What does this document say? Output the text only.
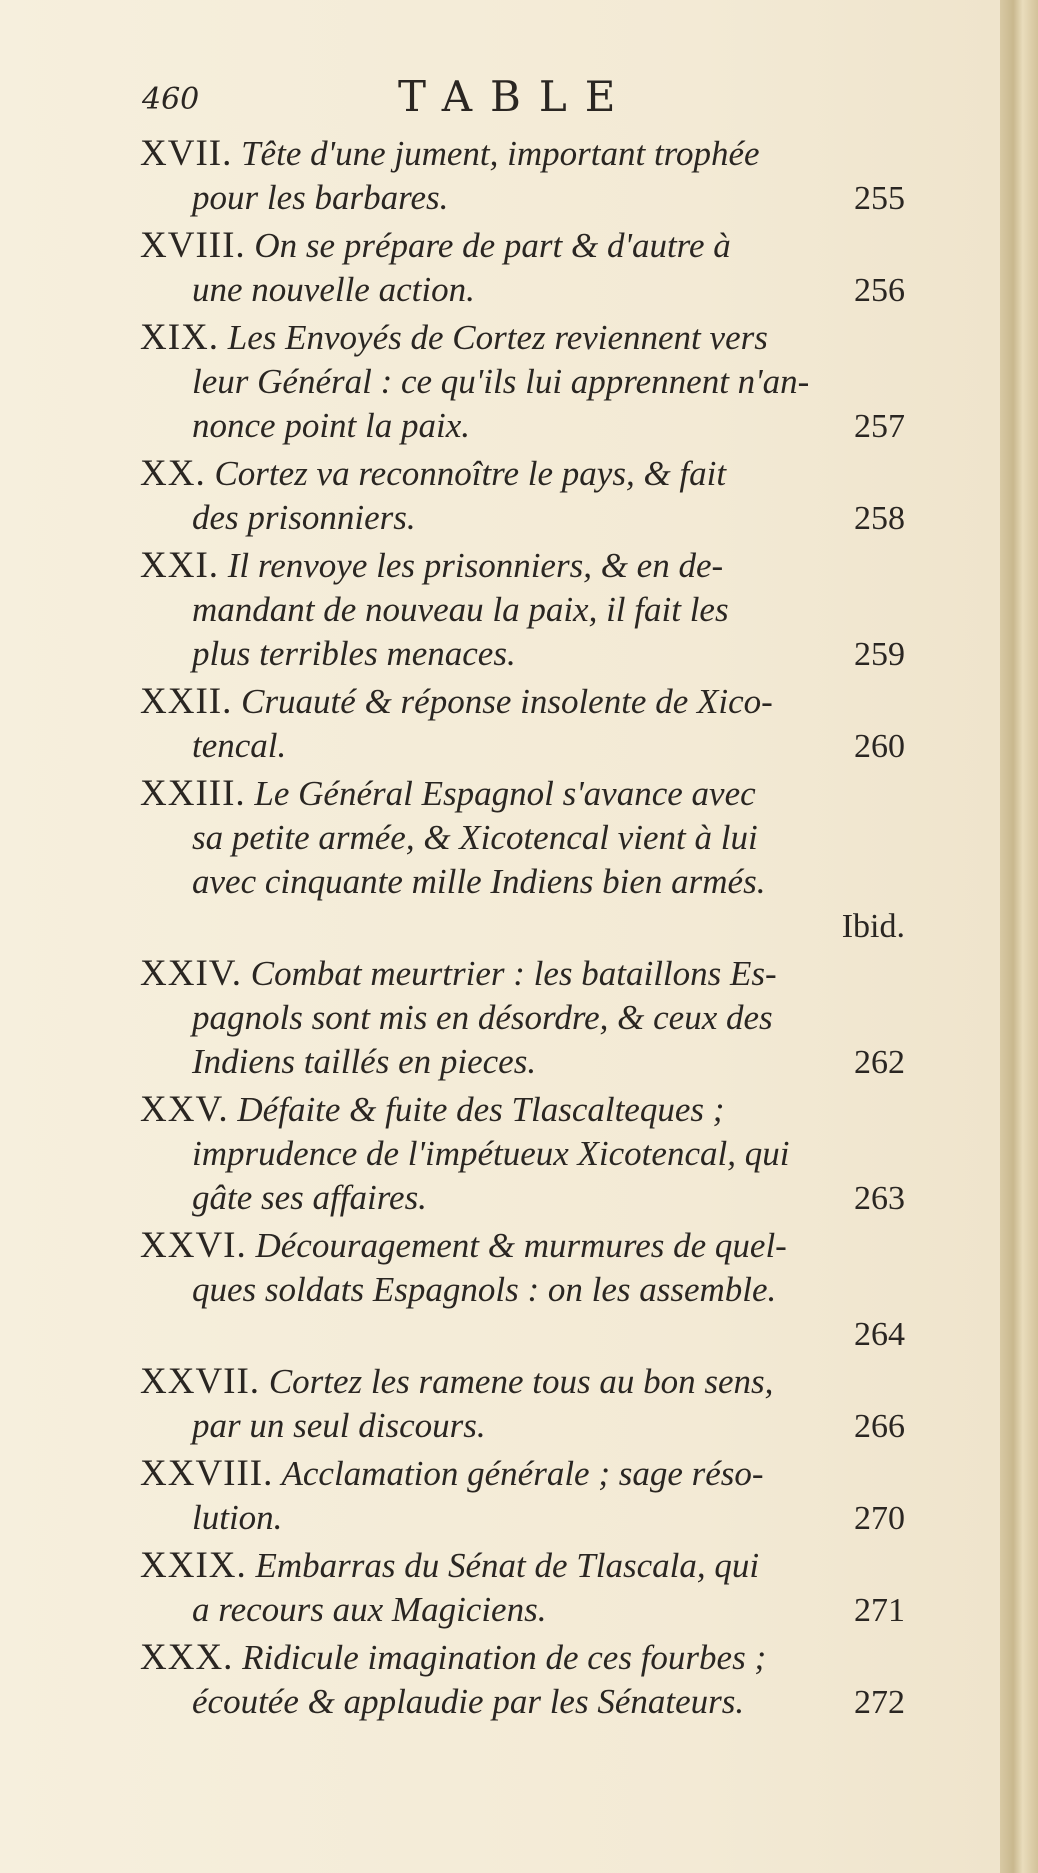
460	TABLE
XVII. Tête d'une jument, important trophée
pour les barbares.	255
XVIII. On se prépare de part & d'autre à
une nouvelle action.	256
XIX. Les Envoyés de Cortez reviennent vers
leur Général : ce qu'ils lui apprennent n'an-
nonce point la paix.	257
XX. Cortez va reconnoître le pays, & fait
des prisonniers.	258
XXI. Il renvoye les prisonniers, & en de-
mandant de nouveau la paix, il fait les
plus terribles menaces.	259
XXII. Cruauté & réponse insolente de Xico-
tencal.	260
XXIII. Le Général Espagnol s'avance avec
sa petite armée, & Xicotencal vient à lui
avec cinquante mille Indiens bien armés.
Ibid.
XXIV. Combat meurtrier : les bataillons Es-
pagnols sont mis en désordre, & ceux des
Indiens taillés en pieces.	262
XXV. Défaite & fuite des Tlascalteques ;
imprudence de l'impétueux Xicotencal, qui
gâte ses affaires.	263
XXVI. Découragement & murmures de quel-
ques soldats Espagnols : on les assemble.
264
XXVII. Cortez les ramene tous au bon sens,
par un seul discours.	266
XXVIII. Acclamation générale ; sage réso-
lution.	270
XXIX. Embarras du Sénat de Tlascala, qui
a recours aux Magiciens.	271
XXX. Ridicule imagination de ces fourbes ;
écoutée & applaudie par les Sénateurs.	272
